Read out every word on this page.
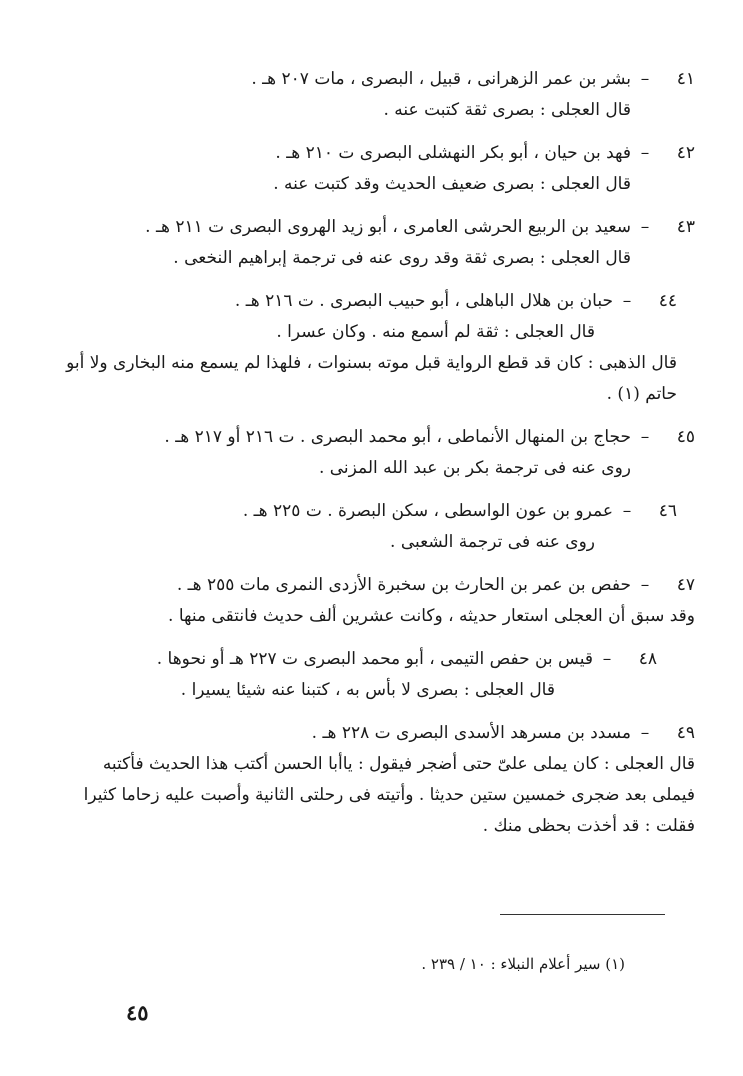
٤١–بشر بن عمر الزهرانى ، قبيل ، البصرى ، مات ٢٠٧ هـ .
قال العجلى : بصرى ثقة كتبت عنه .
٤٢–فهد بن حيان ، أبو بكر النهشلى البصرى ت ٢١٠ هـ .
قال العجلى : بصرى ضعيف الحديث وقد كتبت عنه .
٤٣–سعيد بن الربيع الحرشى العامرى ، أبو زيد الهروى البصرى ت ٢١١ هـ .
قال العجلى : بصرى ثقة وقد روى عنه فى ترجمة إبراهيم النخعى .
٤٤–حبان بن هلال الباهلى ، أبو حبيب البصرى . ت ٢١٦ هـ .
قال العجلى : ثقة لم أسمع منه . وكان عسرا .
قال الذهبى : كان قد قطع الرواية قبل موته بسنوات ، فلهذا لم يسمع منه البخارى ولا أبو حاتم (١) .
٤٥–حجاج بن المنهال الأنماطى ، أبو محمد البصرى . ت ٢١٦ أو ٢١٧ هـ .
روى عنه فى ترجمة بكر بن عبد الله المزنى .
٤٦–عمرو بن عون الواسطى ، سكن البصرة . ت ٢٢٥ هـ .
روى عنه فى ترجمة الشعبى .
٤٧–حفص بن عمر بن الحارث بن سخبرة الأزدى النمرى مات ٢٥٥ هـ .
وقد سبق أن العجلى استعار حديثه ، وكانت عشرين ألف حديث فانتقى منها .
٤٨–قيس بن حفص التيمى ، أبو محمد البصرى ت ٢٢٧ هـ أو نحوها .
قال العجلى : بصرى لا بأس به ، كتبنا عنه شيئا يسيرا .
٤٩–مسدد بن مسرهد الأسدى البصرى ت ٢٢٨ هـ .
قال العجلى : كان يملى علىّ حتى أضجر فيقول : ياأبا الحسن أكتب هذا الحديث فأكتبه فيملى بعد ضجرى خمسين ستين حديثا . وأتيته فى رحلتى الثانية وأصبت عليه زحاما كثيرا فقلت : قد أخذت بحظى منك .
(١) سير أعلام النبلاء : ١٠ / ٢٣٩ .
٤٥
